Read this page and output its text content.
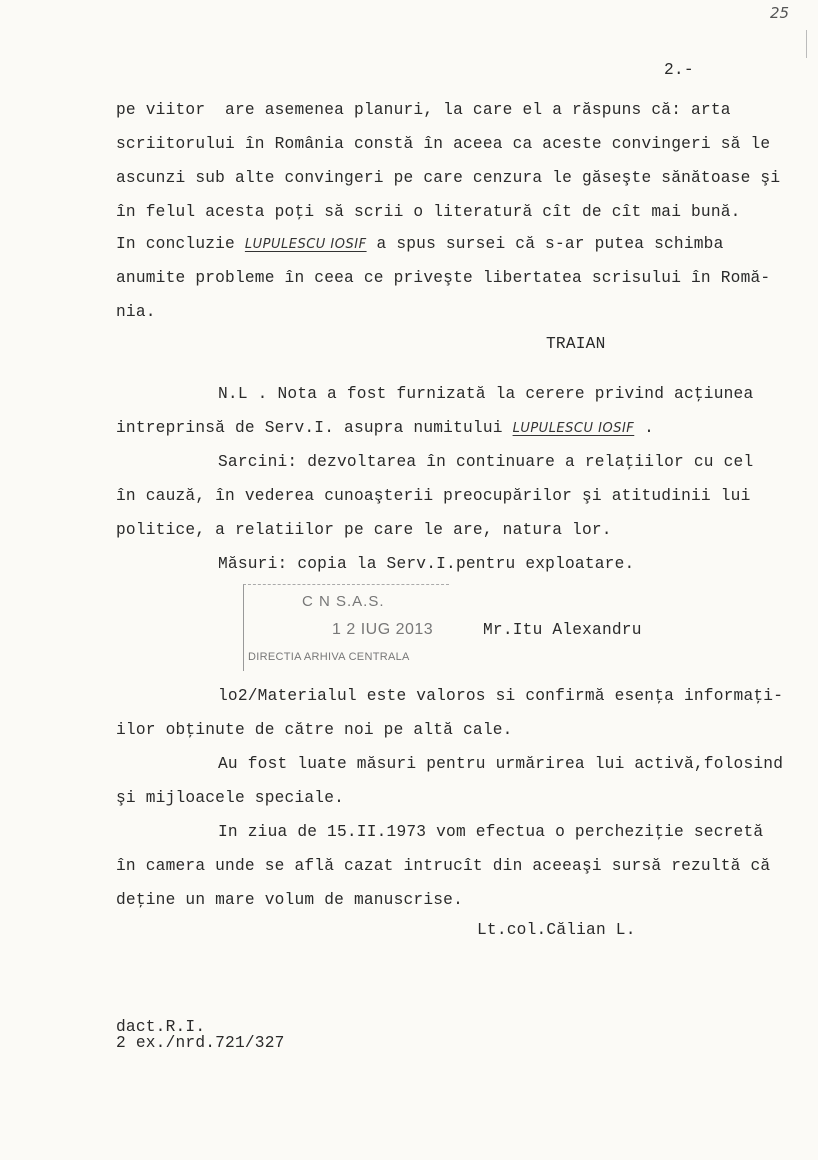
25
2.-
pe viitor  are asemenea planuri, la care el a răspuns că: arta
scriitorului în România constă în aceea ca aceste convingeri să le
ascunzi sub alte convingeri pe care cenzura le găseşte sănătoase şi
în felul acesta poţi să scrii o literatură cît de cît mai bună.
In concluzie LUPULESCU IOSIF a spus sursei că s-ar putea schimba
anumite probleme în ceea ce priveşte libertatea scrisului în Romă-
nia.
TRAIAN
N.L . Nota a fost furnizată la cerere privind acţiunea
intreprinsă de Serv.I. asupra numitului LUPULESCU IOSIF .
Sarcini: dezvoltarea în continuare a relaţiilor cu cel
în cauză, în vederea cunoaşterii preocupărilor şi atitudinii lui
politice, a relatiilor pe care le are, natura lor.
Măsuri: copia la Serv.I.pentru exploatare.
C N S.A.S.
1 2 IUG 2013
DIRECTIA ARHIVA CENTRALA
Mr.Itu Alexandru
lo2/Materialul este valoros si confirmă esenţa informaţi-
ilor obţinute de către noi pe altă cale.
Au fost luate măsuri pentru urmărirea lui activă,folosind
şi mijloacele speciale.
In ziua de 15.II.1973 vom efectua o percheziţie secretă
în camera unde se află cazat intrucît din aceeaşi sursă rezultă că
deţine un mare volum de manuscrise.
Lt.col.Călian L.
dact.R.I.
2 ex./nrd.721/327
